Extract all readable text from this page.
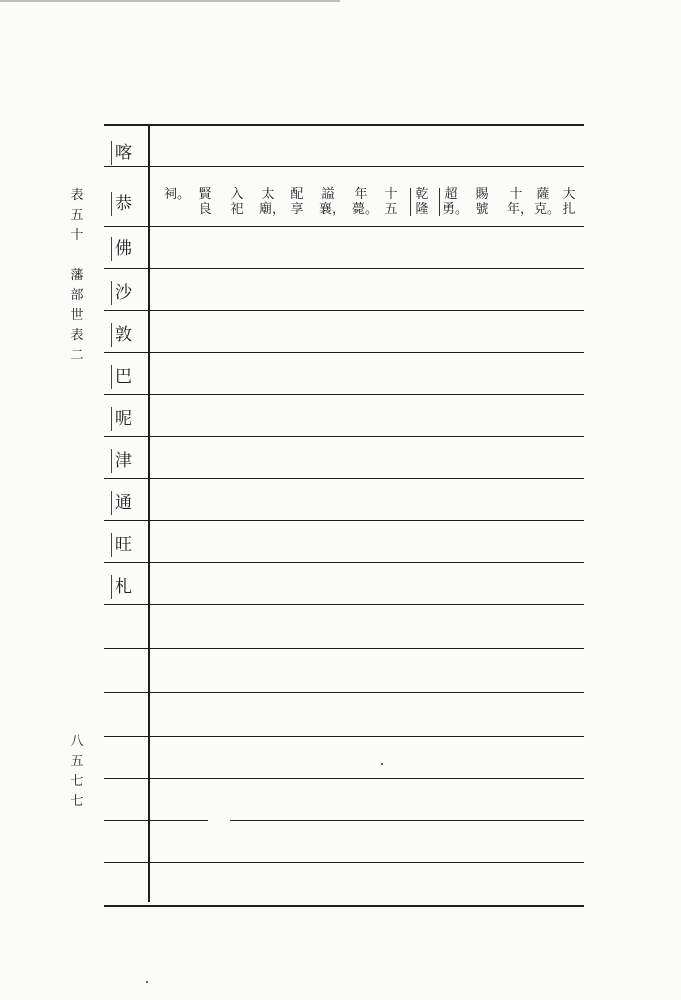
表
五
十
藩
部
世
表
二
八
五
七
七
喀
恭
佛
沙
敦
巴
呢
津
通
旺
札
大
扎
薩
克。
十
年，
賜
號
超
勇。
乾
隆
十
五
年
薨。
謚
襄，
配
享
太
廟，
入
祀
賢
良
祠。
